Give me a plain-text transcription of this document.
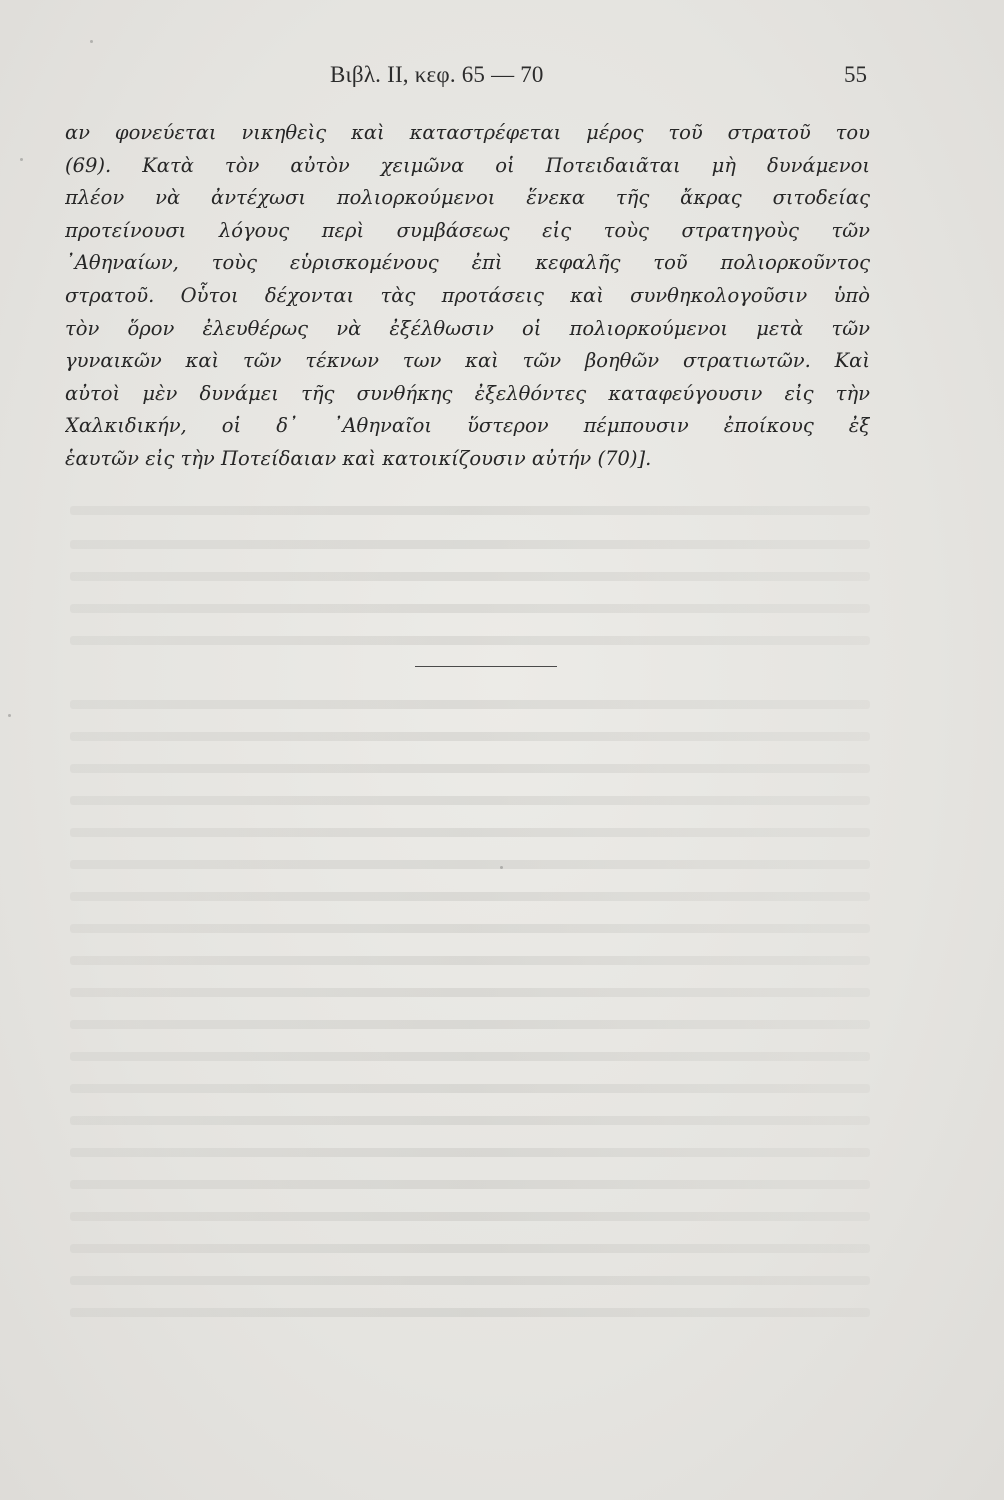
Βιβλ. II, κεφ. 65 — 70	55
αν φονεύεται νικηθεὶς καὶ καταστρέφεται μέρος τοῦ στρατοῦ του
(69). Κατὰ τὸν αὐτὸν χειμῶνα οἱ Ποτειδαιᾶται μὴ δυνάμενοι
πλέον νὰ ἀντέχωσι πολιορκούμενοι ἕνεκα τῆς ἄκρας σιτοδείας
προτείνουσι λόγους περὶ συμβάσεως εἰς τοὺς στρατηγοὺς τῶν
᾽Αθηναίων, τοὺς εὑρισκομένους ἐπὶ κεφαλῆς τοῦ πολιορκοῦντος
στρατοῦ. Οὗτοι δέχονται τὰς προτάσεις καὶ συνθηκολογοῦσιν ὑπὸ
τὸν ὅρον ἐλευθέρως νὰ ἐξέλθωσιν οἱ πολιορκούμενοι μετὰ τῶν
γυναικῶν καὶ τῶν τέκνων των καὶ τῶν βοηθῶν στρατιωτῶν. Καὶ
αὐτοὶ μὲν δυνάμει τῆς συνθήκης ἐξελθόντες καταφεύγουσιν εἰς τὴν
Χαλκιδικήν, οἱ δ᾽ ᾽Αθηναῖοι ὕστερον πέμπουσιν ἐποίκους ἐξ
ἑαυτῶν εἰς τὴν Ποτείδαιαν καὶ κατοικίζουσιν αὐτήν (70)].
